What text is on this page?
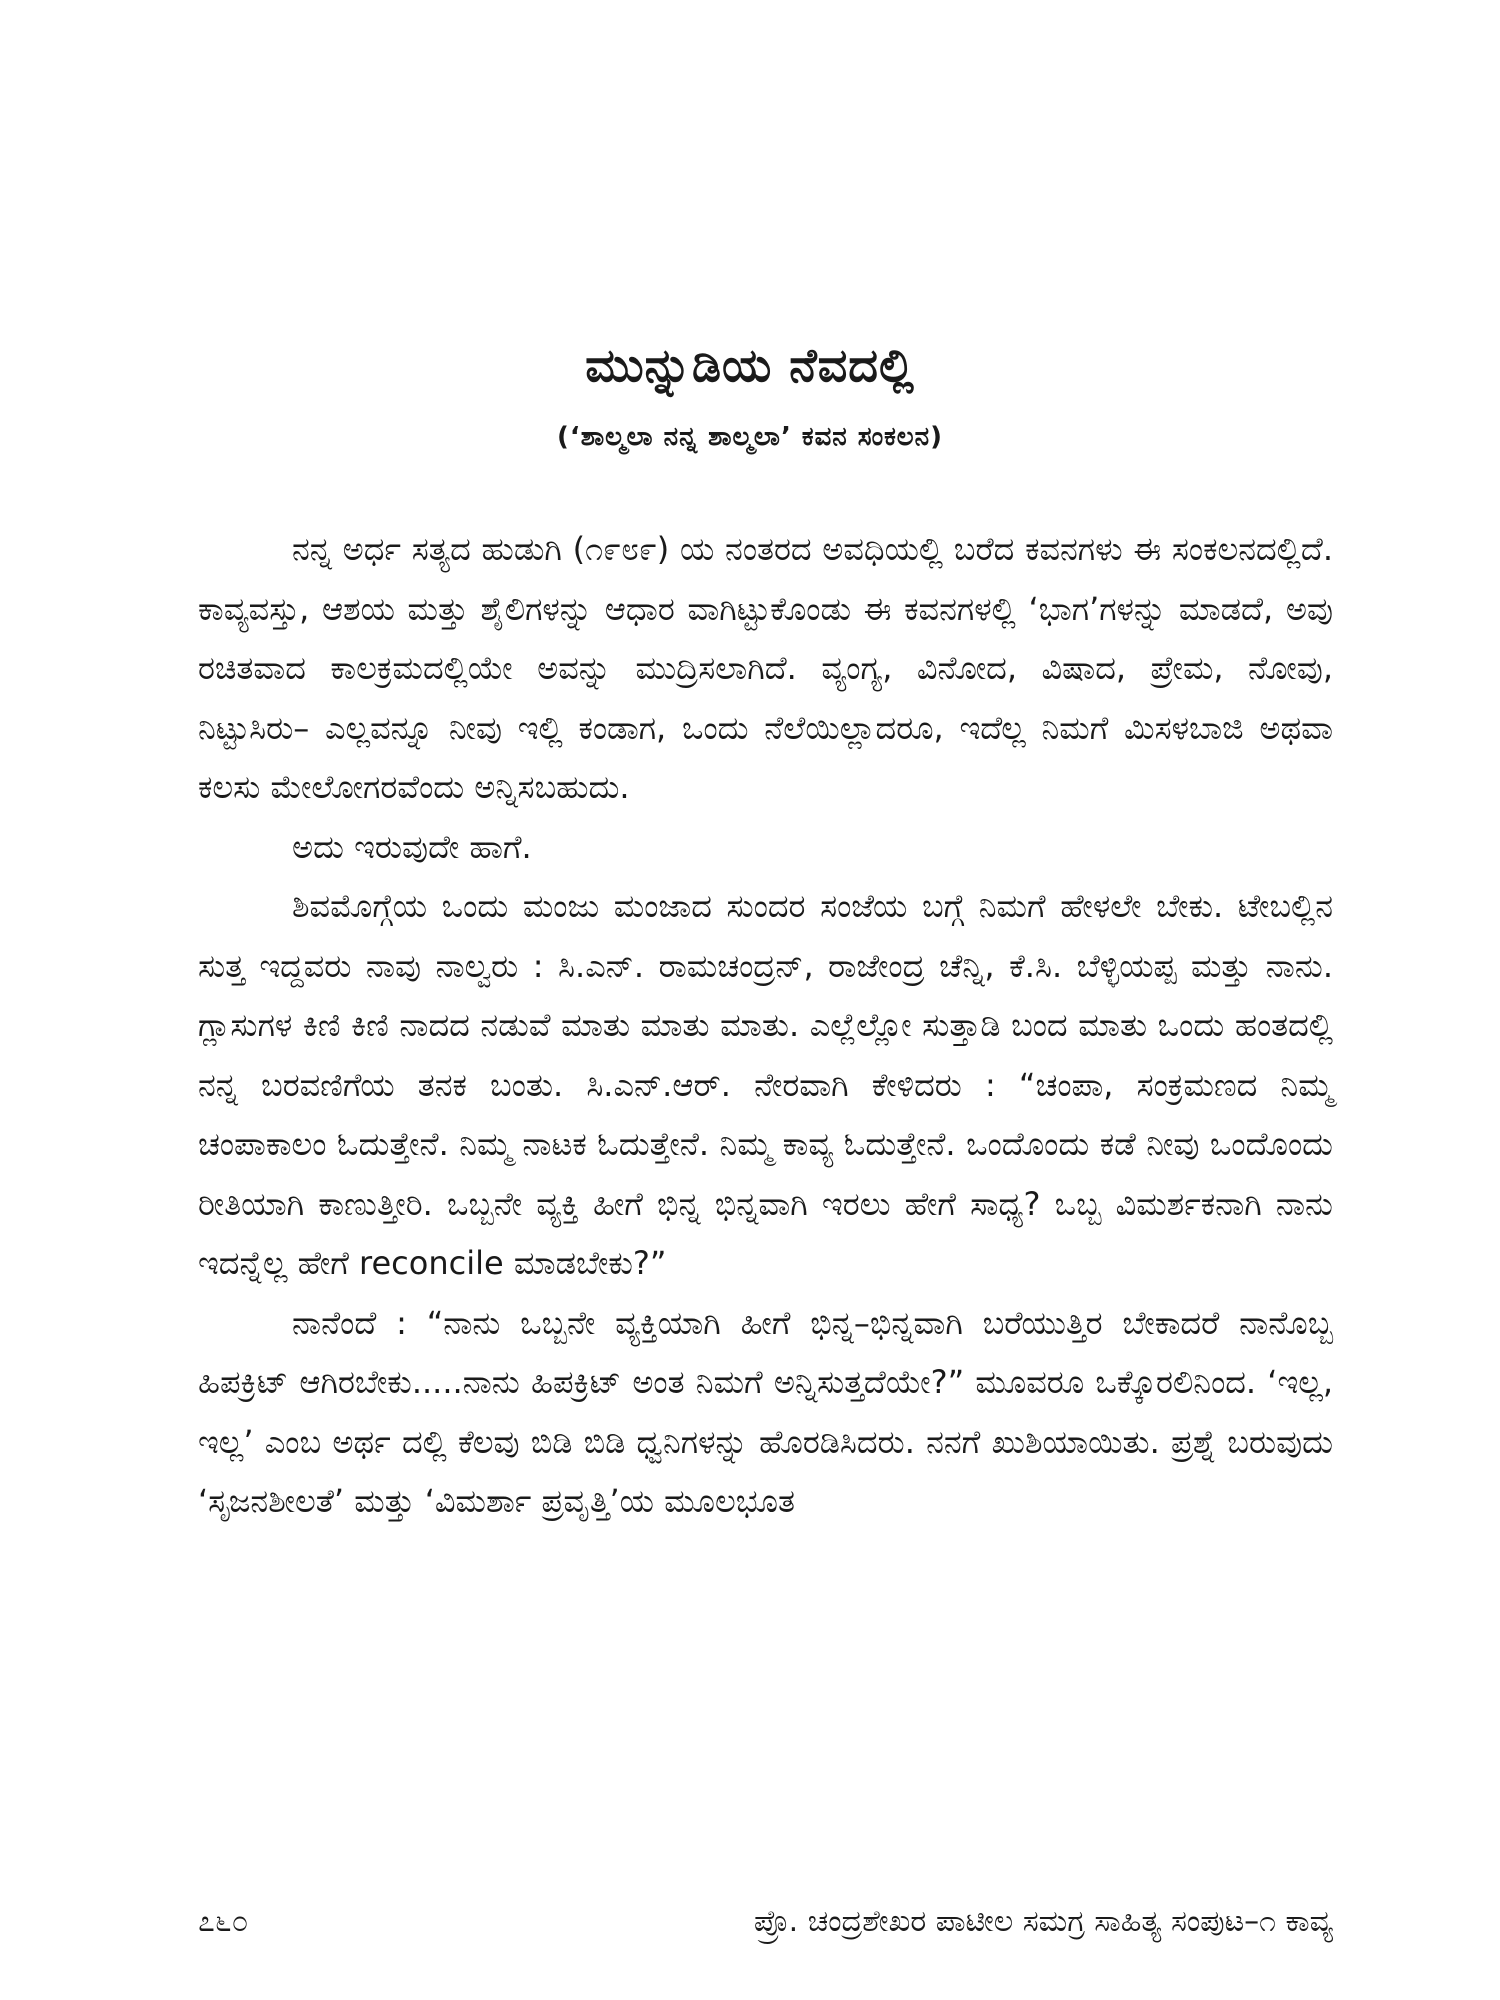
ಮುನ್ನುಡಿಯ ನೆವದಲ್ಲಿ
(‘ಶಾಲ್ಮಲಾ ನನ್ನ ಶಾಲ್ಮಲಾ’ ಕವನ ಸಂಕಲನ)

ನನ್ನ ಅರ್ಧ ಸತ್ಯದ ಹುಡುಗಿ (೧೯೮೯) ಯ ನಂತರದ ಅವಧಿಯಲ್ಲಿ ಬರೆದ ಕವನಗಳು ಈ ಸಂಕಲನದಲ್ಲಿದೆ. ಕಾವ್ಯವಸ್ತು, ಆಶಯ ಮತ್ತು ಶೈಲಿಗಳನ್ನು ಆಧಾರ ವಾಗಿಟ್ಟುಕೊಂಡು ಈ ಕವನಗಳಲ್ಲಿ ‘ಭಾಗ’ಗಳನ್ನು ಮಾಡದೆ, ಅವು ರಚಿತವಾದ ಕಾಲಕ್ರಮದಲ್ಲಿಯೇ ಅವನ್ನು ಮುದ್ರಿಸಲಾಗಿದೆ. ವ್ಯಂಗ್ಯ, ವಿನೋದ, ವಿಷಾದ, ಪ್ರೇಮ, ನೋವು, ನಿಟ್ಟುಸಿರು– ಎಲ್ಲವನ್ನೂ ನೀವು ಇಲ್ಲಿ ಕಂಡಾಗ, ಒಂದು ನೆಲೆಯಿಲ್ಲಾದರೂ, ಇದೆಲ್ಲ ನಿಮಗೆ ಮಿಸಳಬಾಜಿ ಅಥವಾ ಕಲಸು ಮೇಲೋಗರವೆಂದು ಅನ್ನಿಸಬಹುದು.

ಅದು ಇರುವುದೇ ಹಾಗೆ.

ಶಿವಮೊಗ್ಗೆಯ ಒಂದು ಮಂಜು ಮಂಜಾದ ಸುಂದರ ಸಂಜೆಯ ಬಗ್ಗೆ ನಿಮಗೆ ಹೇಳಲೇ ಬೇಕು. ಟೇಬಲ್ಲಿನ ಸುತ್ತ ಇದ್ದವರು ನಾವು ನಾಲ್ವರು : ಸಿ.ಎನ್. ರಾಮಚಂದ್ರನ್, ರಾಜೇಂದ್ರ ಚೆನ್ನಿ, ಕೆ.ಸಿ. ಬೆಳ್ಳಿಯಪ್ಪ ಮತ್ತು ನಾನು. ಗ್ಲಾಸುಗಳ ಕಿಣಿ ಕಿಣಿ ನಾದದ ನಡುವೆ ಮಾತು ಮಾತು ಮಾತು. ಎಲ್ಲೆಲ್ಲೋ ಸುತ್ತಾಡಿ ಬಂದ ಮಾತು ಒಂದು ಹಂತದಲ್ಲಿ ನನ್ನ ಬರವಣಿಗೆಯ ತನಕ ಬಂತು. ಸಿ.ಎನ್.ಆರ್. ನೇರವಾಗಿ ಕೇಳಿದರು : “ಚಂಪಾ, ಸಂಕ್ರಮಣದ ನಿಮ್ಮ ಚಂಪಾಕಾಲಂ ಓದುತ್ತೇನೆ. ನಿಮ್ಮ ನಾಟಕ ಓದುತ್ತೇನೆ. ನಿಮ್ಮ ಕಾವ್ಯ ಓದುತ್ತೇನೆ. ಒಂದೊಂದು ಕಡೆ ನೀವು ಒಂದೊಂದು ರೀತಿಯಾಗಿ ಕಾಣುತ್ತೀರಿ. ಒಬ್ಬನೇ ವ್ಯಕ್ತಿ ಹೀಗೆ ಭಿನ್ನ ಭಿನ್ನವಾಗಿ ಇರಲು ಹೇಗೆ ಸಾಧ್ಯ? ಒಬ್ಬ ವಿಮರ್ಶಕನಾಗಿ ನಾನು ಇದನ್ನೆಲ್ಲ ಹೇಗೆ reconcile ಮಾಡಬೇಕು?”

ನಾನೆಂದೆ : “ನಾನು ಒಬ್ಬನೇ ವ್ಯಕ್ತಿಯಾಗಿ ಹೀಗೆ ಭಿನ್ನ–ಭಿನ್ನವಾಗಿ ಬರೆಯುತ್ತಿರ ಬೇಕಾದರೆ ನಾನೊಬ್ಬ ಹಿಪಕ್ರಿಟ್ ಆಗಿರಬೇಕು.....ನಾನು ಹಿಪಕ್ರಿಟ್ ಅಂತ ನಿಮಗೆ ಅನ್ನಿಸುತ್ತದೆಯೇ?” ಮೂವರೂ ಒಕ್ಕೊರಲಿನಿಂದ. ‘ಇಲ್ಲ, ಇಲ್ಲ’ ಎಂಬ ಅರ್ಥ ದಲ್ಲಿ ಕೆಲವು ಬಿಡಿ ಬಿಡಿ ಧ್ವನಿಗಳನ್ನು ಹೊರಡಿಸಿದರು. ನನಗೆ ಖುಶಿಯಾಯಿತು. ಪ್ರಶ್ನೆ ಬರುವುದು ‘ಸೃಜನಶೀಲತೆ’ ಮತ್ತು ‘ವಿಮರ್ಶಾ ಪ್ರವೃತ್ತಿ’ಯ ಮೂಲಭೂತ

೭೬೦	ಪ್ರೊ. ಚಂದ್ರಶೇಖರ ಪಾಟೀಲ ಸಮಗ್ರ ಸಾಹಿತ್ಯ ಸಂಪುಟ–೧ ಕಾವ್ಯ
